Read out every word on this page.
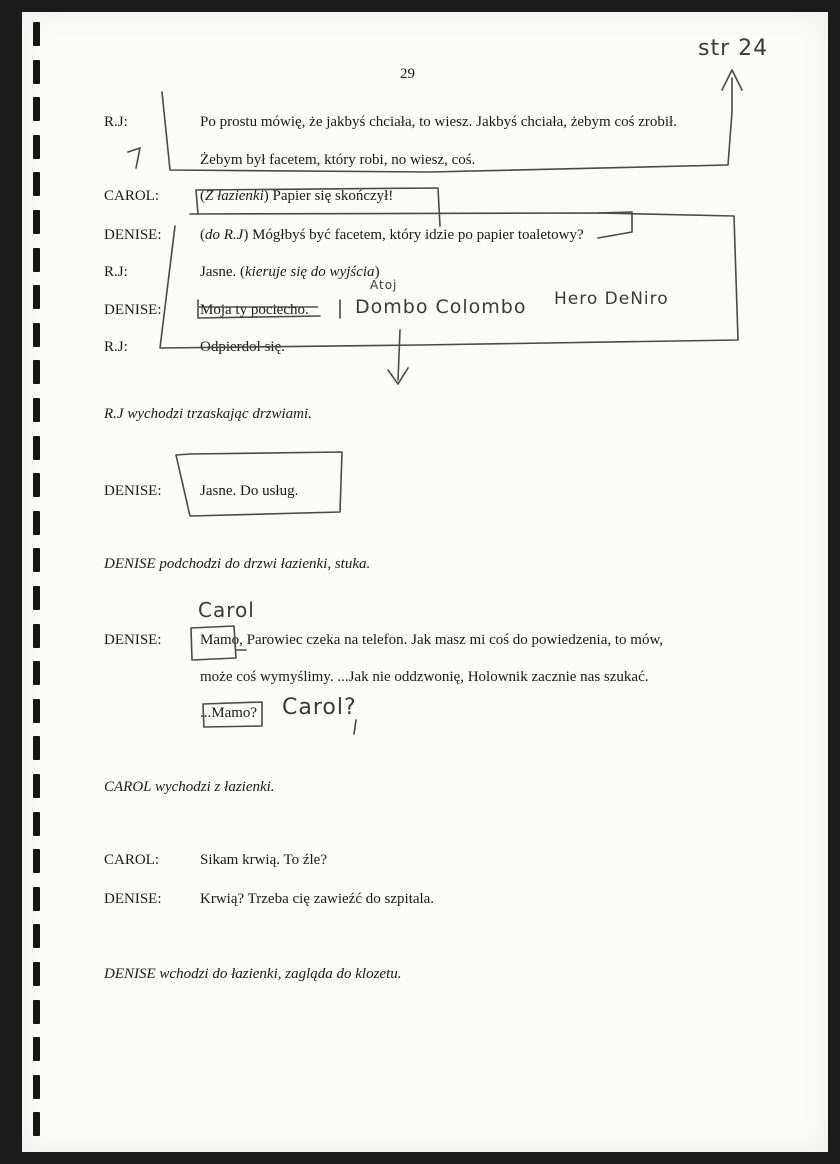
29
R.J:	Po prostu mówię, że jakbyś chciała, to wiesz. Jakbyś chciała, żebym coś zrobił.
Żebym był facetem, który robi, no wiesz, coś.
CAROL:	(Z łazienki) Papier się skończył!
DENISE:	(do R.J) Mógłbyś być facetem, który idzie po papier toaletowy?
R.J:	Jasne. (kieruje się do wyjścia)
DENISE:	Moja ty pociecho.
R.J:	Odpierdol się.
R.J wychodzi trzaskając drzwiami.
DENISE:	Jasne. Do usług.
DENISE podchodzi do drzwi łazienki, stuka.
DENISE:	Mamo, Parowiec czeka na telefon. Jak masz mi coś do powiedzenia, to mów,
może coś wymyślimy. ...Jak nie oddzwonię, Holownik zacznie nas szukać.
...Mamo?
CAROL wychodzi z łazienki.
CAROL:	Sikam krwią. To źle?
DENISE:	Krwią? Trzeba cię zawieźć do szpitala.
DENISE wchodzi do łazienki, zagląda do klozetu.
str 24
Dombo Colombo
Atoj
Hero DeNiro
Carol
Carol?
